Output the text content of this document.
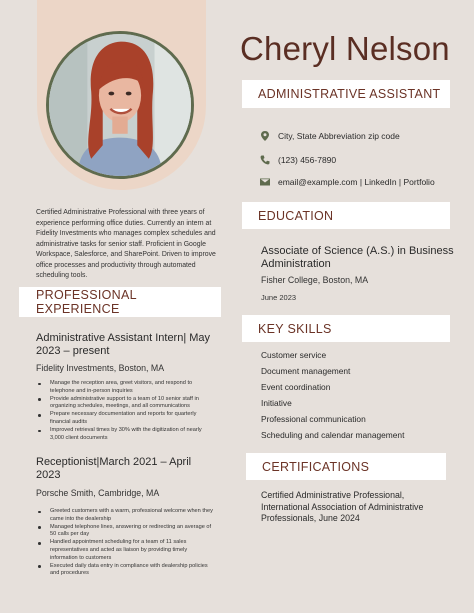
Cheryl Nelson
ADMINISTRATIVE ASSISTANT
City, State Abbreviation zip code
(123) 456-7890
email@example.com | LinkedIn | Portfolio

Certified Administrative Professional with three years of experience performing office duties. Currently an intern at Fidelity Investments who manages complex schedules and administrative tasks for senior staff. Proficient in Google Workspace, Salesforce, and SharePoint. Driven to improve office processes and productivity through automated scheduling tools.

PROFESSIONAL EXPERIENCE
Administrative Assistant Intern| May 2023 – present
Fidelity Investments, Boston, MA
Manage the reception area, greet visitors, and respond to telephone and in-person inquiries
Provide administrative support to a team of 10 senior staff in organizing schedules, meetings, and all communications
Prepare necessary documentation and reports for quarterly financial audits
Improved retrieval times by 30% with the digitization of nearly 3,000 client documents
Receptionist|March 2021 – April 2023
Porsche Smith, Cambridge, MA
Greeted customers with a warm, professional welcome when they came into the dealership
Managed telephone lines, answering or redirecting an average of 50 calls per day
Handled appointment scheduling for a team of 11 sales representatives and acted as liaison by providing timely information to customers
Executed daily data entry in compliance with dealership policies and procedures
EDUCATION
Associate of Science (A.S.) in Business Administration
Fisher College, Boston, MA
June 2023
KEY SKILLS
Customer service
Document management
Event coordination
Initiative
Professional communication
Scheduling and calendar management
CERTIFICATIONS
Certified Administrative Professional, International Association of Administrative Professionals, June 2024
